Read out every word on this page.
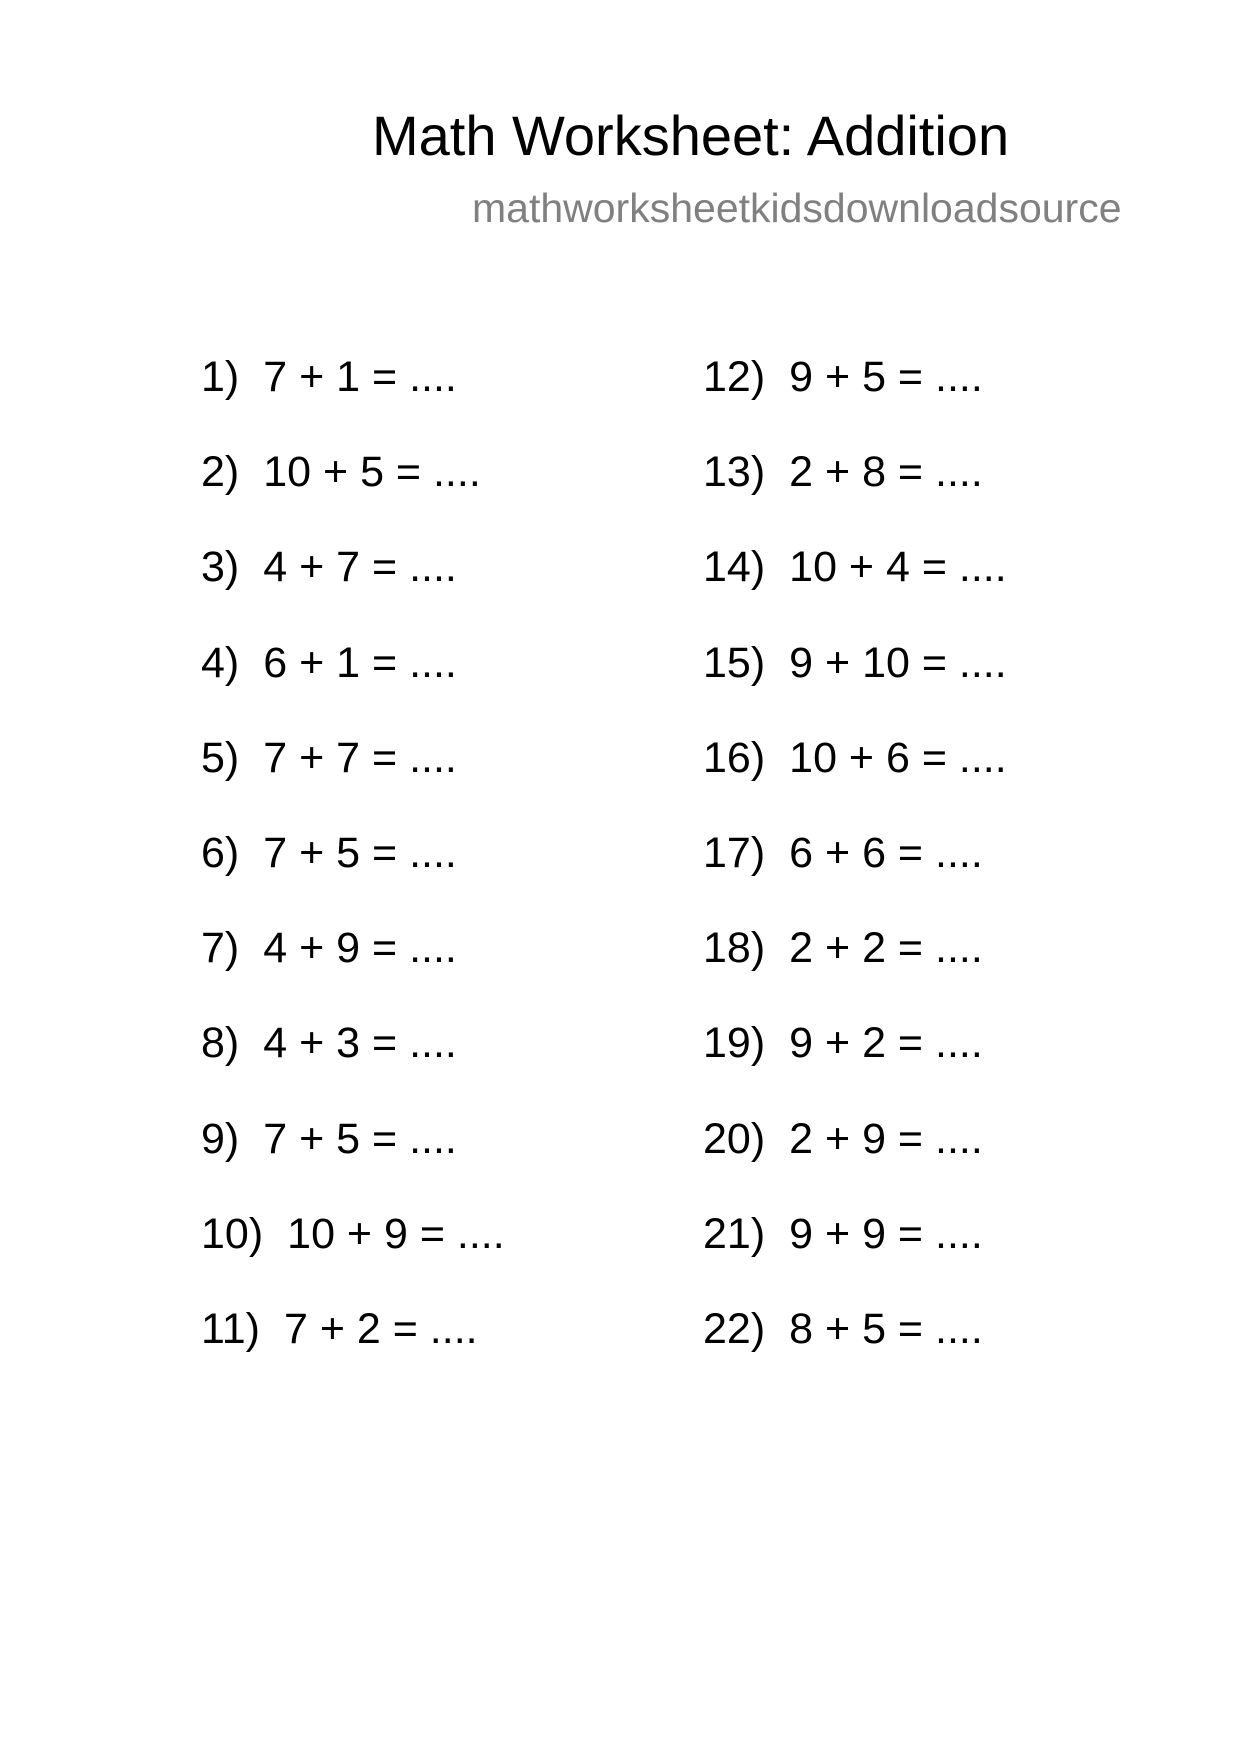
Math Worksheet: Addition
mathworksheetkidsdownloadsource
1) 7 + 1 = ....
2) 10 + 5 = ....
3) 4 + 7 = ....
4) 6 + 1 = ....
5) 7 + 7 = ....
6) 7 + 5 = ....
7) 4 + 9 = ....
8) 4 + 3 = ....
9) 7 + 5 = ....
10) 10 + 9 = ....
11) 7 + 2 = ....
12) 9 + 5 = ....
13) 2 + 8 = ....
14) 10 + 4 = ....
15) 9 + 10 = ....
16) 10 + 6 = ....
17) 6 + 6 = ....
18) 2 + 2 = ....
19) 9 + 2 = ....
20) 2 + 9 = ....
21) 9 + 9 = ....
22) 8 + 5 = ....
